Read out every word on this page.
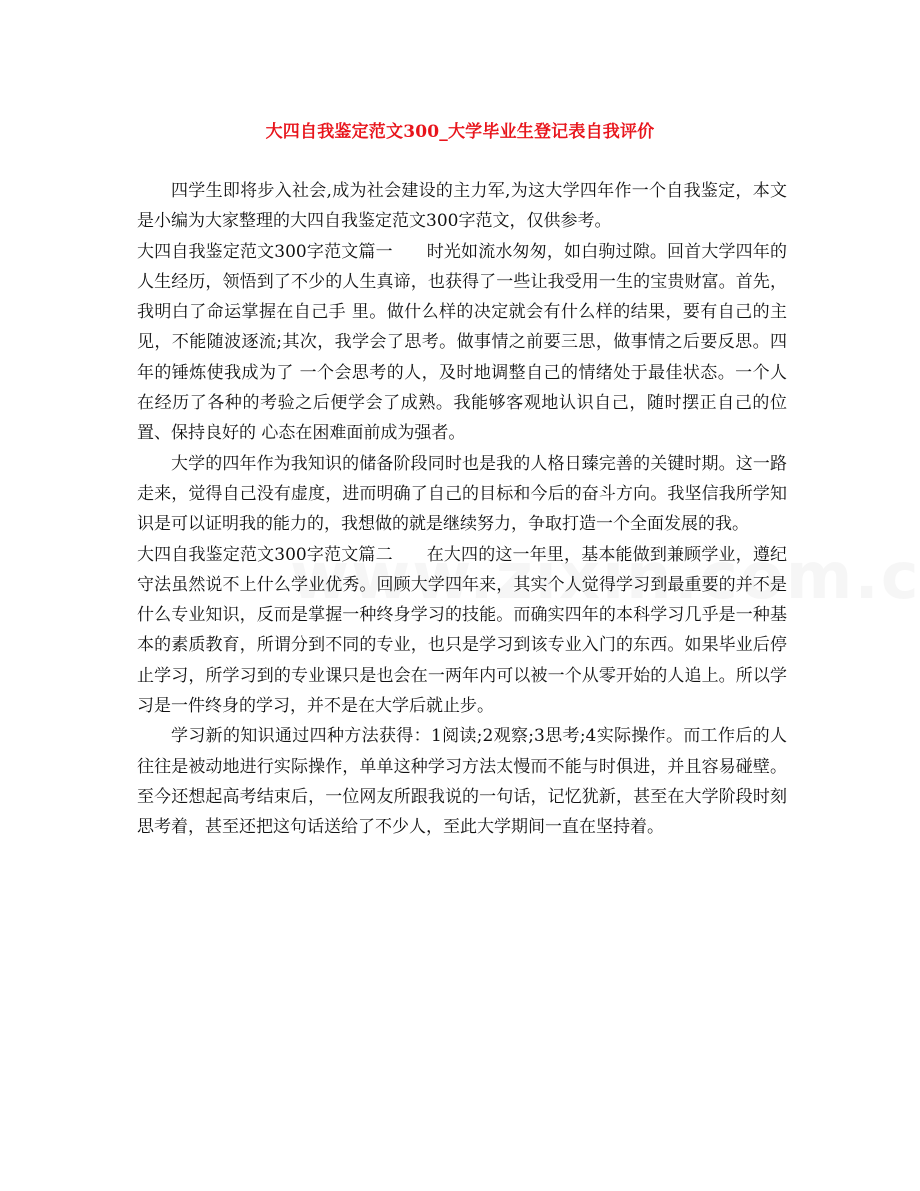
大四自我鉴定范文300_大学毕业生登记表自我评价

四学生即将步入社会,成为社会建设的主力军,为这大学四年作一个自我鉴定，本文是小编为大家整理的大四自我鉴定范文300字范文，仅供参考。

大四自我鉴定范文300字范文篇一 时光如流水匆匆，如白驹过隙。回首大学四年的人生经历，领悟到了不少的人生真谛，也获得了一些让我受用一生的宝贵财富。首先，我明白了命运掌握在自己手 里。做什么样的决定就会有什么样的结果，要有自己的主见，不能随波逐流;其次，我学会了思考。做事情之前要三思，做事情之后要反思。四年的锤炼使我成为了 一个会思考的人，及时地调整自己的情绪处于最佳状态。一个人在经历了各种的考验之后便学会了成熟。我能够客观地认识自己，随时摆正自己的位置、保持良好的 心态在困难面前成为强者。

大学的四年作为我知识的储备阶段同时也是我的人格日臻完善的关键时期。这一路走来，觉得自己没有虚度，进而明确了自己的目标和今后的奋斗方向。我坚信我所学知识是可以证明我的能力的，我想做的就是继续努力，争取打造一个全面发展的我。

大四自我鉴定范文300字范文篇二 在大四的这一年里，基本能做到兼顾学业，遵纪守法虽然说不上什么学业优秀。回顾大学四年来，其实个人觉得学习到最重要的并不是什么专业知识，反而是掌握一种终身学习的技能。而确实四年的本科学习几乎是一种基本的素质教育，所谓分到不同的专业，也只是学习到该专业入门的东西。如果毕业后停止学习，所学习到的专业课只是也会在一两年内可以被一个从零开始的人追上。所以学习是一件终身的学习，并不是在大学后就止步。

学习新的知识通过四种方法获得：1阅读;2观察;3思考;4实际操作。而工作后的人往往是被动地进行实际操作，单单这种学习方法太慢而不能与时俱进，并且容易碰壁。至今还想起高考结束后，一位网友所跟我说的一句话，记忆犹新，甚至在大学阶段时刻思考着，甚至还把这句话送给了不少人，至此大学期间一直在坚持着。
